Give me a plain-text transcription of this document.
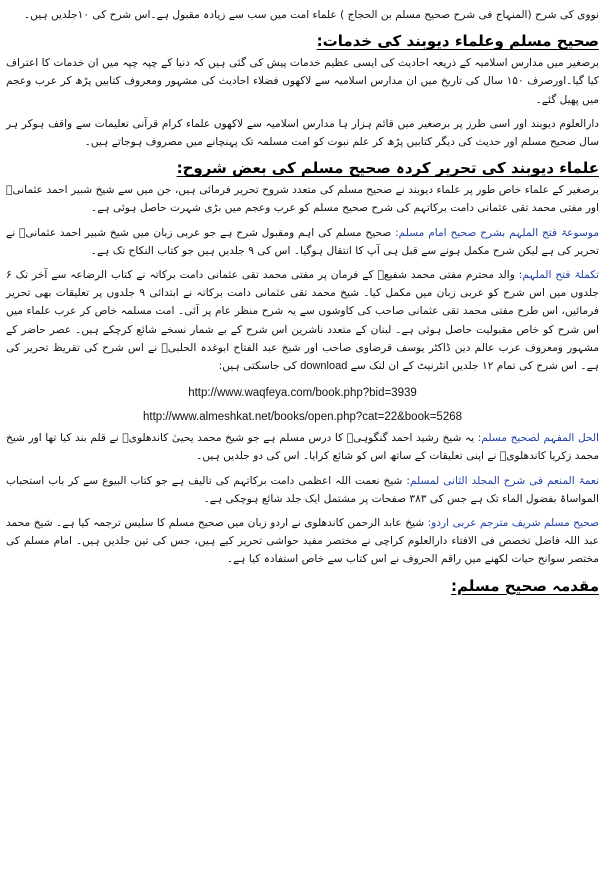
نووی کی شرح (المنہاج فی شرح صحیح مسلم بن الحجاج ) علماء امت میں سب سے زیادہ مقبول ہے۔اس شرح کی ۱۰جلدیں ہیں۔

صحیح مسلم وعلماء دیوبند کی خدمات:

برصغیر میں مدارس اسلامیہ کے ذریعہ احادیث کی ایسی عظیم خدمات پیش کی گئی ہیں کہ دنیا کے چپہ چپہ میں ان خدمات کا اعتراف کیا گیا۔اورصرف ۱۵۰ سال کی تاریخ میں ان مدارس اسلامیہ سے لاکھوں فضلاء احادیث کی مشہور ومعروف کتابیں پڑھ کر عرب وعجم میں پھیل گئے۔

دارالعلوم دیوبند اور اسی طرز پر برصغیر میں قائم ہزار ہا مدارس اسلامیہ سے لاکھوں علماء کرام قرآنی تعلیمات سے واقف ہوکر ہر سال صحیح مسلم اور حدیث کی دیگر کتابیں پڑھ کر علم نبوت کو امت مسلمہ تک پہنچانے میں مصروف ہوجاتے ہیں۔

علماء دیوبند کی تحریر کردہ صحیح مسلم کی بعض شروح:

برصغیر کے علماء خاص طور پر علماء دیوبند نے صحیح مسلم کی متعدد شروح تحریر فرمائی ہیں، جن میں سے شیخ شبیر احمد عثمانیؒ اور مفتی محمد تقی عثمانی دامت برکاتہم کی شرح صحیح مسلم کو عرب وعجم میں بڑی شہرت حاصل ہوئی ہے۔

موسوعۃ فتح الملہم بشرح صحیح امام مسلم: صحیح مسلم کی اہم ومقبول شرح ہے جو عربی زبان میں شیخ شبیر احمد عثمانیؒ نے تحریر کی ہے لیکن شرح مکمل ہونے سے قبل ہی آپ کا انتقال ہوگیا۔ اس کی ۹ جلدیں ہیں جو کتاب النکاح تک ہے۔

تکملۃ فتح الملہم: والد محترم مفتی محمد شفیعؒ کے فرمان پر مفتی محمد تقی عثمانی دامت برکاتہ نے کتاب الرضاعہ سے آخر تک ۶ جلدوں میں اس شرح کو عربی زبان میں مکمل کیا۔ شیخ محمد تقی عثمانی دامت برکاتہ نے ابتدائی ۹ جلدوں پر تعلیقات بھی تحریر فرمائیں، اس طرح مفتی محمد تقی عثمانی صاحب کی کاوشوں سے یہ شرح منظر عام پر آئی۔ امت مسلمہ خاص کر عرب علماء میں اس شرح کو خاص مقبولیت حاصل ہوئی ہے۔ لبنان کے متعدد ناشرین اس شرح کے بے شمار نسخے شائع کرچکے ہیں۔ عصر حاضر کے مشہور ومعروف عرب عالم دین ڈاکٹر یوسف قرضاوی صاحب اور شیخ عبد الفتاح ابوغدہ الحلبیؒ نے اس شرح کی تقریظ تحریر کی ہے۔ اس شرح کی تمام ۱۲ جلدیں انٹرنیٹ کے ان لنک سے download کی جاسکتی ہیں:

http://www.waqfeya.com/book.php?bid=3939

http://www.almeshkat.net/books/open.php?cat=22&book=5268

الحل المفہم لصحیح مسلم: یہ شیخ رشید احمد گنگوہیؒ کا درس مسلم ہے جو شیخ محمد یحییٰ کاندھلویؒ نے قلم بند کیا تھا اور شیخ محمد زکریا کاندھلویؒ نے اپنی تعلیقات کے ساتھ اس کو شائع کرایا۔ اس کی دو جلدیں ہیں۔

نعمۃ المنعم فی شرح المجلد الثانی لمسلم: شیخ نعمت اللہ اعظمی دامت برکاتہم کی تالیف ہے جو کتاب البیوع سے کر باب استحباب المواساۃ بفضول الماء تک ہے جس کی ۳۸۳ صفحات پر مشتمل ایک جلد شائع ہوچکی ہے۔

صحیح مسلم شریف مترجم عربی اردو: شیخ عابد الرحمن کاندھلوی نے اردو زبان میں صحیح مسلم کا سلیس ترجمہ کیا ہے۔ شیخ محمد عبد اللہ فاضل تخصص فی الافتاء دارالعلوم کراچی نے مختصر مفید حواشی تحریر کیے ہیں، جس کی تین جلدیں ہیں۔ امام مسلم کی مختصر سوانح حیات لکھنے میں راقم الحروف نے اس کتاب سے خاص استفادہ کیا ہے۔

مقدمہ صحیح مسلم:
